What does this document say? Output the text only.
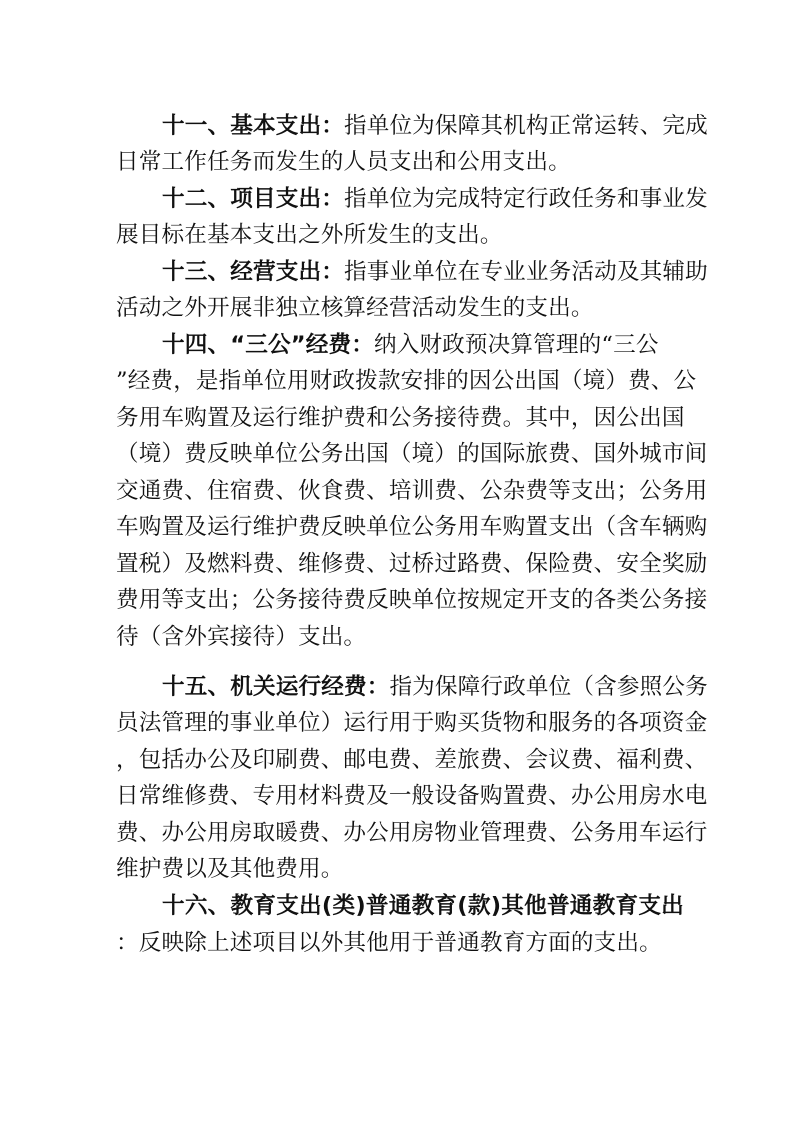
十一、基本支出：指单位为保障其机构正常运转、完成
日常工作任务而发生的人员支出和公用支出。
十二、项目支出：指单位为完成特定行政任务和事业发
展目标在基本支出之外所发生的支出。
十三、经营支出：指事业单位在专业业务活动及其辅助
活动之外开展非独立核算经营活动发生的支出。
十四、“三公”经费：纳入财政预决算管理的“三公
”经费，是指单位用财政拨款安排的因公出国（境）费、公
务用车购置及运行维护费和公务接待费。其中，因公出国
（境）费反映单位公务出国（境）的国际旅费、国外城市间
交通费、住宿费、伙食费、培训费、公杂费等支出；公务用
车购置及运行维护费反映单位公务用车购置支出（含车辆购
置税）及燃料费、维修费、过桥过路费、保险费、安全奖励
费用等支出；公务接待费反映单位按规定开支的各类公务接
待（含外宾接待）支出。
十五、机关运行经费：指为保障行政单位（含参照公务
员法管理的事业单位）运行用于购买货物和服务的各项资金
，包括办公及印刷费、邮电费、差旅费、会议费、福利费、
日常维修费、专用材料费及一般设备购置费、办公用房水电
费、办公用房取暖费、办公用房物业管理费、公务用车运行
维护费以及其他费用。
十六、教育支出(类)普通教育(款)其他普通教育支出
：反映除上述项目以外其他用于普通教育方面的支出。
